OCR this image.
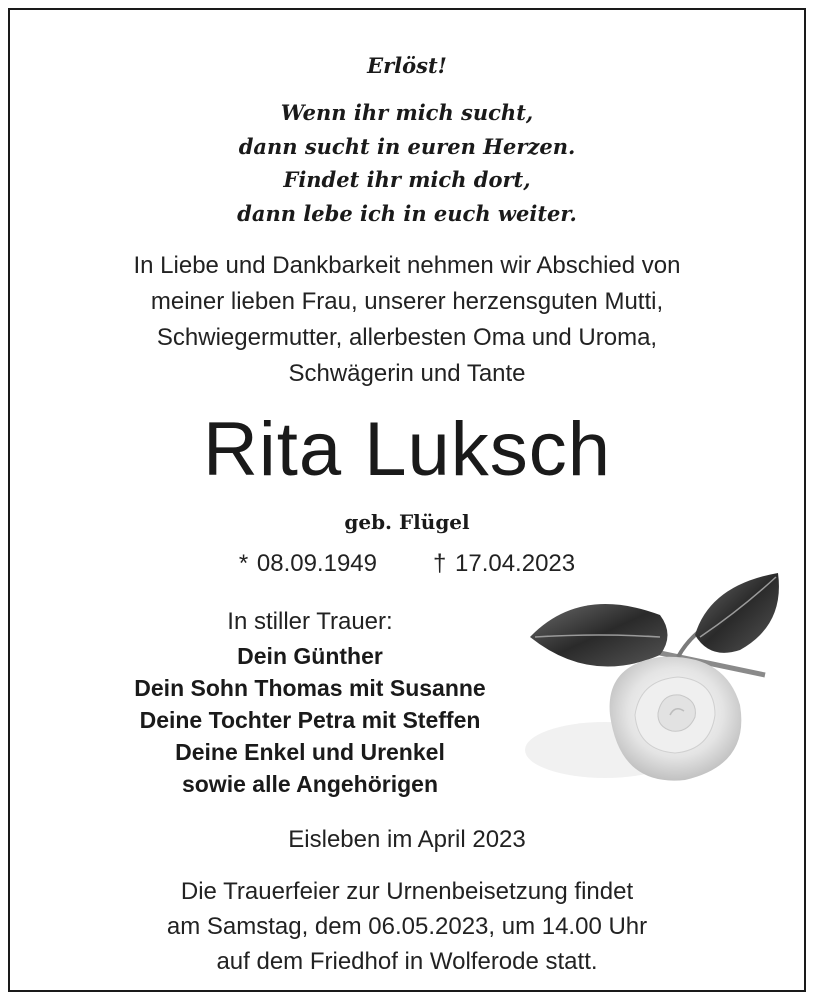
Erlöst!
Wenn ihr mich sucht,
dann sucht in euren Herzen.
Findet ihr mich dort,
dann lebe ich in euch weiter.
In Liebe und Dankbarkeit nehmen wir Abschied von
meiner lieben Frau, unserer herzensguten Mutti,
Schwiegermutter, allerbesten Oma und Uroma,
Schwägerin und Tante
Rita Luksch
geb. Flügel
* 08.09.1949 † 17.04.2023
In stiller Trauer:
Dein Günther
Dein Sohn Thomas mit Susanne
Deine Tochter Petra mit Steffen
Deine Enkel und Urenkel
sowie alle Angehörigen
Eisleben im April 2023
Die Trauerfeier zur Urnenbeisetzung findet
am Samstag, dem 06.05.2023, um 14.00 Uhr
auf dem Friedhof in Wolferode statt.
